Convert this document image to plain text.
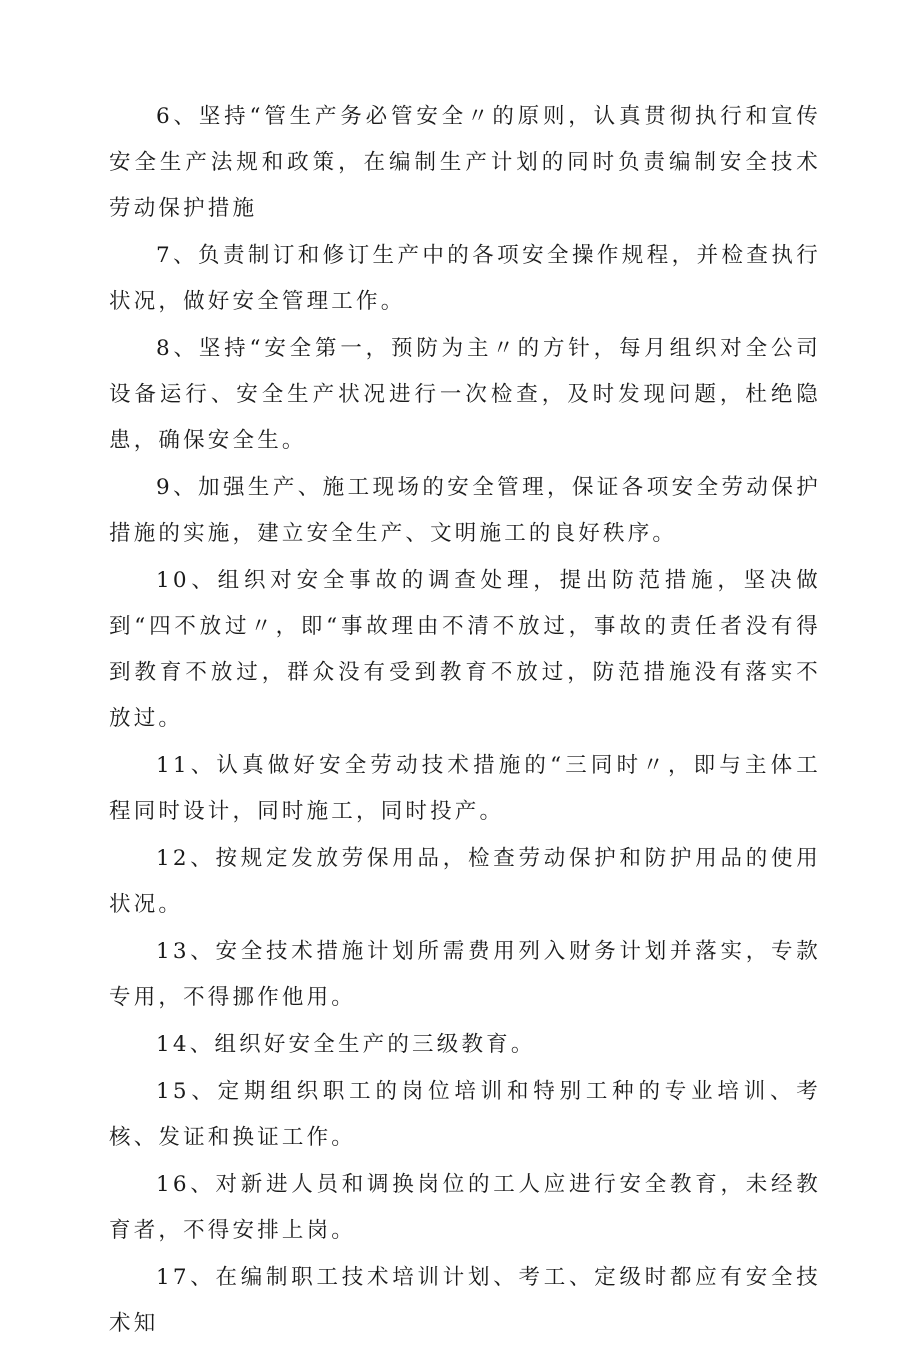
6、坚持“管生产务必管安全〃的原则，认真贯彻执行和宣传安全生产法规和政策，在编制生产计划的同时负责编制安全技术劳动保护措施

7、负责制订和修订生产中的各项安全操作规程，并检查执行状况，做好安全管理工作。

8、坚持“安全第一，预防为主〃的方针，每月组织对全公司设备运行、安全生产状况进行一次检查，及时发现问题，杜绝隐患，确保安全生。

9、加强生产、施工现场的安全管理，保证各项安全劳动保护措施的实施，建立安全生产、文明施工的良好秩序。

10、组织对安全事故的调查处理，提出防范措施，坚决做到“四不放过〃，即“事故理由不清不放过，事故的责任者没有得到教育不放过，群众没有受到教育不放过，防范措施没有落实不放过。

11、认真做好安全劳动技术措施的“三同时〃，即与主体工程同时设计，同时施工，同时投产。

12、按规定发放劳保用品，检查劳动保护和防护用品的使用状况。

13、安全技术措施计划所需费用列入财务计划并落实，专款专用，不得挪作他用。

14、组织好安全生产的三级教育。

15、定期组织职工的岗位培训和特别工种的专业培训、考核、发证和换证工作。

16、对新进人员和调换岗位的工人应进行安全教育，未经教育者，不得安排上岗。

17、在编制职工技术培训计划、考工、定级时都应有安全技术知
